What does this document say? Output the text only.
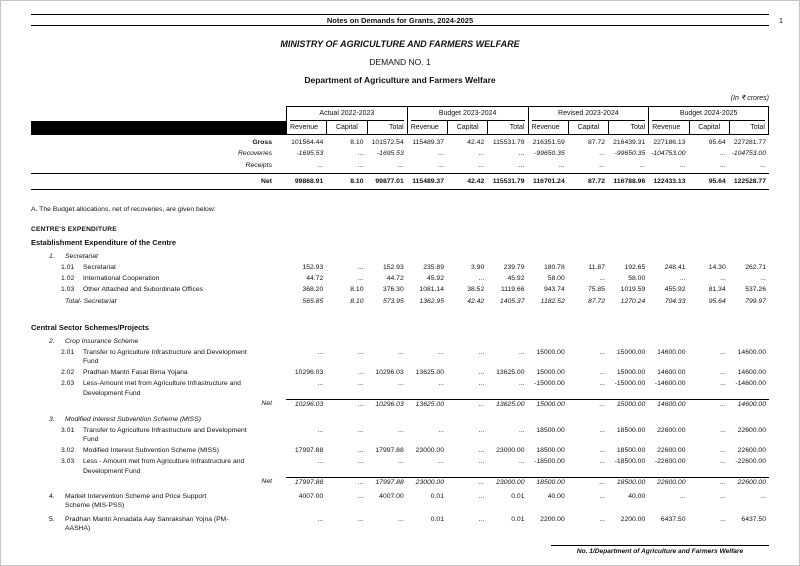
Notes on Demands for Grants, 2024-2025	1
MINISTRY OF AGRICULTURE AND FARMERS WELFARE
DEMAND NO. 1
Department of Agriculture and Farmers Welfare
(In ₹ crores)
Actual 2022-2023	Budget 2023-2024	Revised 2023-2024	Budget 2024-2025
Revenue	Capital	Total	Revenue	Capital	Total	Revenue	Capital	Total	Revenue	Capital	Total
Gross	101564.44	8.10	101572.54	115489.37	42.42	115531.79	216351.59	87.72	216439.31	227186.13	95.64	227281.77
Recoveries	-1695.53	...	-1695.53	...	...	...	-99650.35	...	-99650.35 -104753.00	... -104753.00
Receipts	...	...	...	...	...	...	...	...	...	...	...	...
Net	99868.91	8.10	99877.01	115489.37	42.42	115531.79	116701.24	87.72	116788.96	122433.13	95.64	122528.77
A. The Budget allocations, net of recoveries, are given below:
CENTRE'S EXPENDITURE
Establishment Expenditure of the Centre
1.	Secretariat
1.01	Secretariat	152.93	...	152.93	235.89	3.90	239.79	180.78	11.87	192.65	248.41	14.30	262.71
1.02	International Cooperation	44.72	...	44.72	45.92	...	45.92	58.00	...	58.00	...	...	...
1.03	Other Attached and Subordinate Offices	368.20	8.10	376.30	1081.14	38.52	1119.66	943.74	75.85	1019.59	455.92	81.34	537.26
Total- Secretariat	565.85	8.10	573.95	1362.95	42.42	1405.37	1182.52	87.72	1270.24	704.33	95.64	799.97
Central Sector Schemes/Projects
2.	Crop Insurance Scheme
2.01	Transfer to Agriculture Infrastructure and Development Fund
...	...	...	...	...	...	15000.00	...	15000.00	14600.00	...	14600.00
2.02	Pradhan Mantri Fasal Bima Yojana	10296.03	...	10296.03	13625.00	...	13625.00	15000.00	...	15000.00	14600.00	...	14600.00
2.03	Less-Amount met from Agriculture Infrastructure and Development Fund
...	...	...	...	...	...	-15000.00	...	-15000.00	-14600.00	...	-14600.00
Net	10296.03	...	10296.03	13625.00	...	13625.00	15000.00	...	15000.00	14600.00	...	14600.00
3.	Modified Interest Subvention Scheme (MISS)
3.01	Transfer to Agriculture Infrastructure and Development Fund
...	...	...	...	...	...	18500.00	...	18500.00	22600.00	...	22600.00
3.02	Modified Interest Subvention Scheme (MISS)	17997.88	...	17997.88	23000.00	...	23000.00	18500.00	...	18500.00	22600.00	...	22600.00
3.03	Less - Amount met from Agriculture Infrastructure and Development Fund
...	...	...	...	...	...	-18500.00	...	-18500.00	-22600.00	...	-22600.00
Net	17997.88	...	17997.88	23000.00	...	23000.00	18500.00	...	18500.00	22600.00	...	22600.00
4.	Market Intervention Scheme and Price Support Scheme (MIS-PSS)
4007.00	...	4007.00	0.01	...	0.01	40.00	...	40.00	...	...	...
5.	Pradhan Mantri Annadata Aay Sanrakshan Yojna (PM-AASHA)
...	...	...	0.01	...	0.01	2200.00	...	2200.00	6437.50	...	6437.50
No. 1/Department of Agriculture and Farmers Welfare
